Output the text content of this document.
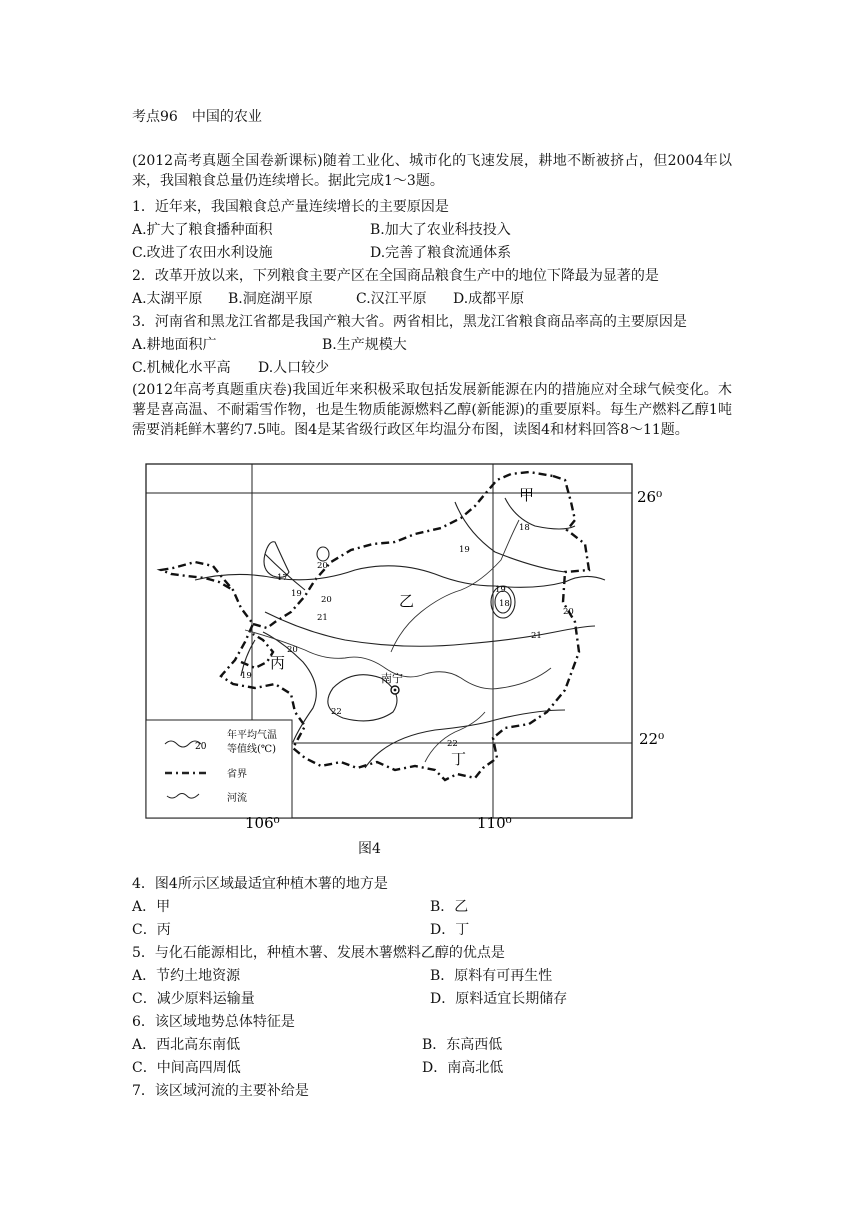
考点96　中国的农业
(2012高考真题全国卷新课标)随着工业化、城市化的飞速发展，耕地不断被挤占，但2004年以来，我国粮食总量仍连续增长。据此完成1～3题。
1．近年来，我国粮食总产量连续增长的主要原因是
A.扩大了粮食播种面积	B.加大了农业科技投入
C.改进了农田水利设施	D.完善了粮食流通体系
2．改革开放以来，下列粮食主要产区在全国商品粮食生产中的地位下降最为显著的是
A.太湖平原 B.洞庭湖平原	C.汉江平原 D.成都平原
3．河南省和黑龙江省都是我国产粮大省。两省相比，黑龙江省粮食商品率高的主要原因是
A.耕地面积广	B.生产规模大
C.机械化水平高 D.人口较少
(2012年高考真题重庆卷)我国近年来积极采取包括发展新能源在内的措施应对全球气候变化。木薯是喜高温、不耐霜雪作物，也是生物质能源燃料乙醇(新能源)的重要原料。每生产燃料乙醇1吨需要消耗鲜木薯约7.5吨。图4是某省级行政区年均温分布图，读图4和材料回答8～11题。
20
年平均气温
等值线(℃)
省界
河流
南宁
甲
乙
丙
丁
18
19
20
17
19
20
19
18
20
21
21
20
19
22
22
26⁰
22⁰
106⁰	110⁰
图4
4．图4所示区域最适宜种植木薯的地方是
A．甲	B．乙
C．丙	D．丁
5．与化石能源相比，种植木薯、发展木薯燃料乙醇的优点是
A．节约土地资源	B．原料有可再生性
C．减少原料运输量	D．原料适宜长期储存
6．该区域地势总体特征是
A．西北高东南低	B．东高西低
C．中间高四周低	D．南高北低
7．该区域河流的主要补给是
